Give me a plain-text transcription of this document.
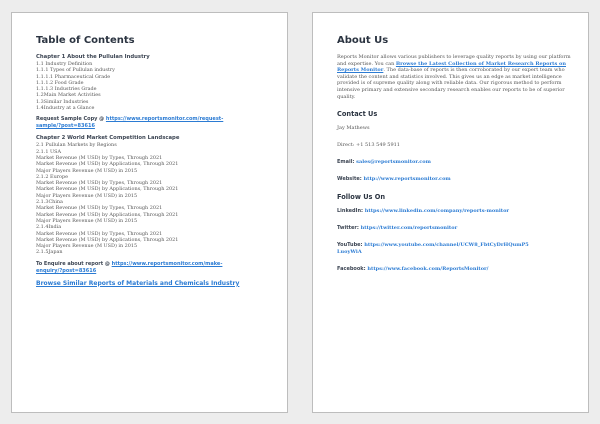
Table of Contents
Chapter 1 About the Pullulan Industry
1.1 Industry Definition
1.1.1 Types of Pullulan industry
1.1.1.1 Pharmaceutical Grade
1.1.1.2 Food Grade
1.1.1.3 Industries Grade
1.2Main Market Activities
1.3Similar Industries
1.4Industry at a Glance
Request Sample Copy @ https://www.reportsmonitor.com/request-
sample/?post=83616
Chapter 2 World Market Competition Landscape
2.1 Pullulan Markets by Regions
2.1.1 USA
Market Revenue (M USD) by Types, Through 2021
Market Revenue (M USD) by Applications, Through 2021
Major Players Revenue (M USD) in 2015
2.1.2 Europe
Market Revenue (M USD) by Types, Through 2021
Market Revenue (M USD) by Applications, Through 2021
Major Players Revenue (M USD) in 2015
2.1.3China
Market Revenue (M USD) by Types, Through 2021
Market Revenue (M USD) by Applications, Through 2021
Major Players Revenue (M USD) in 2015
2.1.4India
Market Revenue (M USD) by Types, Through 2021
Market Revenue (M USD) by Applications, Through 2021
Major Players Revenue (M USD) in 2015
2.1.5Japan
To Enquire about report @ https://www.reportsmonitor.com/make-
enquiry/?post=83616
Browse Similar Reports of Materials and Chemicals Industry
About Us
Reports Monitor allows various publishers to leverage quality reports by using our platform and expertise. You can Browse the Latest Collection of Market Research Reports on Reports Monitor. The data-base of reports is then corroborated by our expert team who validate the content and statistics involved. This gives us an edge as market intelligence provided is of supreme quality along with reliable data. Our rigorous method to perform intensive primary and extensive secondary research enables our reports to be of superior quality.
Contact Us
Jay Mathews
Direct: +1 513 549 5911
Email: sales@reportsmonitor.com
Website: http://www.reportsmonitor.com
Follow Us On
LinkedIn: https://www.linkedin.com/company/reports-monitor
Twitter: https://twitter.com/reportsmonitor
YouTube: https://www.youtube.com/channel/UCW8_FbtCyDrHQumP5
LuoyWiA
Facebook: https://www.facebook.com/ReportsMonitor/
